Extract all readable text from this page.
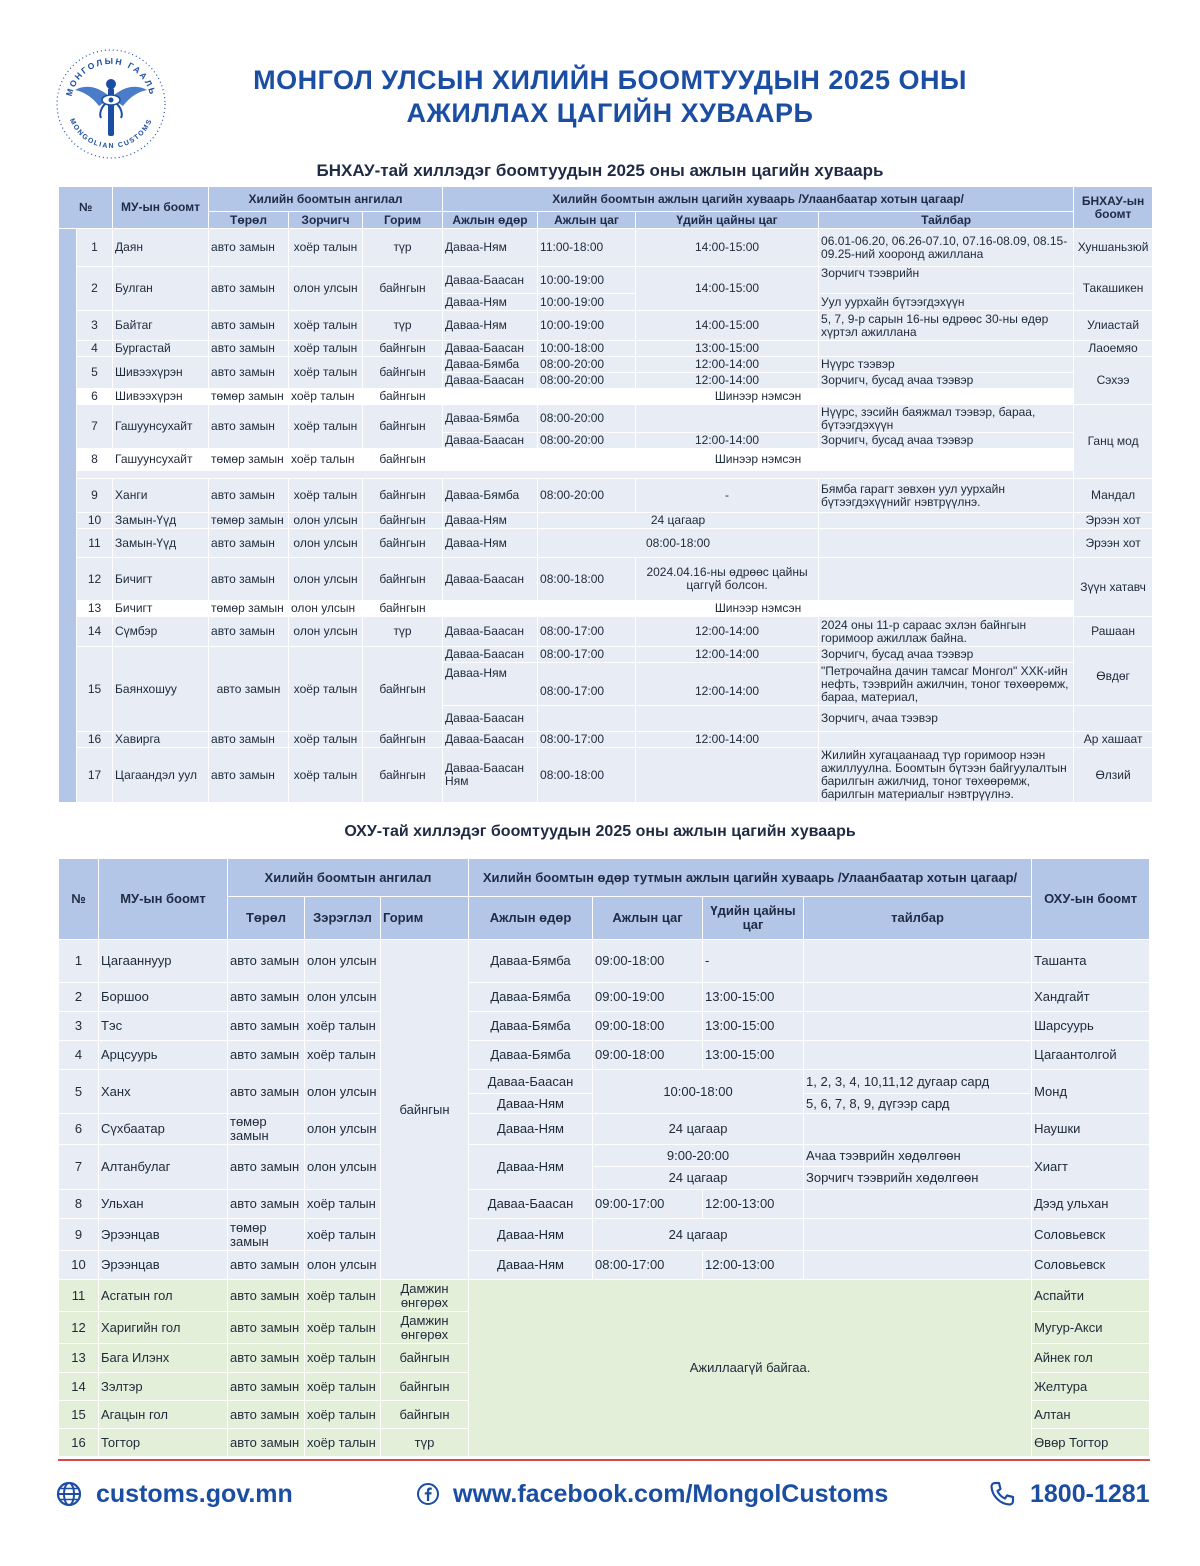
МОНГОЛЫН ГААЛЬ
MONGOLIAN CUSTOMS
МОНГОЛ УЛСЫН ХИЛИЙН БООМТУУДЫН 2025 ОНЫ
АЖИЛЛАХ ЦАГИЙН ХУВААРЬ
БНХАУ-тай хиллэдэг боомтуудын 2025 оны ажлын цагийн хуваарь
№		МУ-ын боомт	Хилийн боомтын ангилал			Хилийн боомтын ажлын цагийн хуваарь /Улаанбаатар хотын цагаар/				БНХАУ-ын боомт
			Төрөл	Зорчигч	Горим	Ажлын өдөр	Ажлын цаг	Үдийн цайны цаг	Тайлбар	
	1	Даян	авто замын	хоёр талын	түр	Даваа-Ням	11:00-18:00	14:00-15:00	06.01-06.20, 06.26-07.10, 07.16-08.09, 08.15-09.25-ний хооронд ажиллана	Хуншаньзюй
	2	Булган	авто замын	олон улсын	байнгын	Даваа-Баасан	10:00-19:00	14:00-15:00	Зорчигч тээврийн	Такашикен
						Даваа-Ням	10:00-19:00		Уул уурхайн бүтээгдэхүүн	
	3	Байтаг	авто замын	хоёр талын	түр	Даваа-Ням	10:00-19:00	14:00-15:00	5, 7, 9-р сарын 16-ны өдрөөс 30-ны өдөр хүртэл ажиллана	Улиастай
	4	Бургастай	авто замын	хоёр талын	байнгын	Даваа-Баасан	10:00-18:00	13:00-15:00		Лаоемяо
	5	Шивээхүрэн	авто замын	хоёр талын	байнгын	Даваа-Бямба	08:00-20:00	12:00-14:00	Нүүрс тээвэр	Сэхээ
						Даваа-Баасан	08:00-20:00	12:00-14:00	Зорчигч, бусад ачаа тээвэр	
	6	Шивээхүрэн	төмөр замын	хоёр талын	байнгын	Шинээр нэмсэн				
	7	Гашуунсухайт	авто замын	хоёр талын	байнгын	Даваа-Бямба	08:00-20:00		Нүүрс, зэсийн баяжмал тээвэр, бараа, бүтээгдэхүүн	Ганц мод
						Даваа-Баасан	08:00-20:00	12:00-14:00	Зорчигч, бусад ачаа тээвэр	
	8	Гашуунсухайт	төмөр замын	хоёр талын	байнгын	Шинээр нэмсэн				

	9	Ханги	авто замын	хоёр талын	байнгын	Даваа-Бямба	08:00-20:00	-	Бямба гарагт зөвхөн уул уурхайн бүтээгдэхүүнийг нэвтрүүлнэ.	Мандал
	10	Замын-Үүд	төмөр замын	олон улсын	байнгын	Даваа-Ням	24 цагаар			Эрээн хот
	11	Замын-Үүд	авто замын	олон улсын	байнгын	Даваа-Ням	08:00-18:00			Эрээн хот
	12	Бичигт	авто замын	олон улсын	байнгын	Даваа-Баасан	08:00-18:00	2024.04.16-ны өдрөөс цайны цаггүй болсон.		Зүүн хатавч
	13	Бичигт	төмөр замын	олон улсын	байнгын	Шинээр нэмсэн				
	14	Сүмбэр	авто замын	олон улсын	түр	Даваа-Баасан	08:00-17:00	12:00-14:00	2024 оны 11-р сараас эхлэн байнгын горимоор ажиллаж байна.	Рашаан
	15	Баянхошуу	авто замын	хоёр талын	байнгын	Даваа-Баасан	08:00-17:00	12:00-14:00	Зорчигч, бусад ачаа тээвэр	Өвдөг
						Даваа-Ням	08:00-17:00	12:00-14:00	"Петрочайна дачин тамсаг Монгол" ХХК-ийн нефть, тээврийн ажилчин, тоног төхөөрөмж, бараа, материал,	
						Даваа-Баасан			Зорчигч, ачаа тээвэр	
	16	Хавирга	авто замын	хоёр талын	байнгын	Даваа-Баасан	08:00-17:00	12:00-14:00		Ар хашаат
	17	Цагаандэл уул	авто замын	хоёр талын	байнгын	Даваа-Баасан
Ням	08:00-18:00		Жилийн хугацаанаад түр горимоор нээн ажиллуулна. Боомтын бүтээн байгуулалтын барилгын ажилчид, тоног төхөөрөмж, барилгын материалыг нэвтрүүлнэ.	Өлзий
ОХУ-тай хиллэдэг боомтуудын 2025 оны ажлын цагийн хуваарь
№	МУ-ын боомт	Хилийн боомтын ангилал			Хилийн боомтын өдөр тутмын ажлын цагийн хуваарь /Улаанбаатар хотын цагаар/				ОХУ-ын боомт
		Төрөл	Зэрэглэл	Горим	Ажлын өдөр	Ажлын цаг	Үдийн цайны цаг	тайлбар	
1	Цагааннуур	авто замын	олон улсын	байнгын	Даваа-Бямба	09:00-18:00	-		Ташанта
2	Боршоо	авто замын	олон улсын		Даваа-Бямба	09:00-19:00	13:00-15:00		Хандгайт
3	Тэс	авто замын	хоёр талын		Даваа-Бямба	09:00-18:00	13:00-15:00		Шарсуурь
4	Арцсуурь	авто замын	хоёр талын		Даваа-Бямба	09:00-18:00	13:00-15:00		Цагаантолгой
5	Ханх	авто замын	олон улсын		Даваа-Баасан	10:00-18:00		1, 2, 3, 4, 10,11,12 дугаар сард	Монд
					Даваа-Ням			5, 6, 7, 8, 9, дүгээр сард	
6	Сүхбаатар	төмөр замын	олон улсын		Даваа-Ням	24 цагаар			Наушки
7	Алтанбулаг	авто замын	олон улсын		Даваа-Ням	9:00-20:00		Ачаа тээврийн хөдөлгөөн	Хиагт
						24 цагаар		Зорчигч тээврийн хөдөлгөөн	
8	Ульхан	авто замын	хоёр талын		Даваа-Баасан	09:00-17:00	12:00-13:00		Дээд ульхан
9	Эрээнцав	төмөр замын	хоёр талын		Даваа-Ням	24 цагаар			Соловьевск
10	Эрээнцав	авто замын	олон улсын		Даваа-Ням	08:00-17:00	12:00-13:00		Соловьевск
11	Асгатын гол	авто замын	хоёр талын	Дамжин өнгөрөх	Ажиллаагүй байгаа.				Аспайти
12	Харигийн гол	авто замын	хоёр талын	Дамжин өнгөрөх					Мугур-Акси
13	Бага Илэнх	авто замын	хоёр талын	байнгын					Айнек гол
14	Зэлтэр	авто замын	хоёр талын	байнгын					Желтура
15	Агацын гол	авто замын	хоёр талын	байнгын					Алтан
16	Тогтор	авто замын	хоёр талын	түр					Өвөр Тогтор
customs.gov.mn	www.facebook.com/MongolCustoms	1800-1281
